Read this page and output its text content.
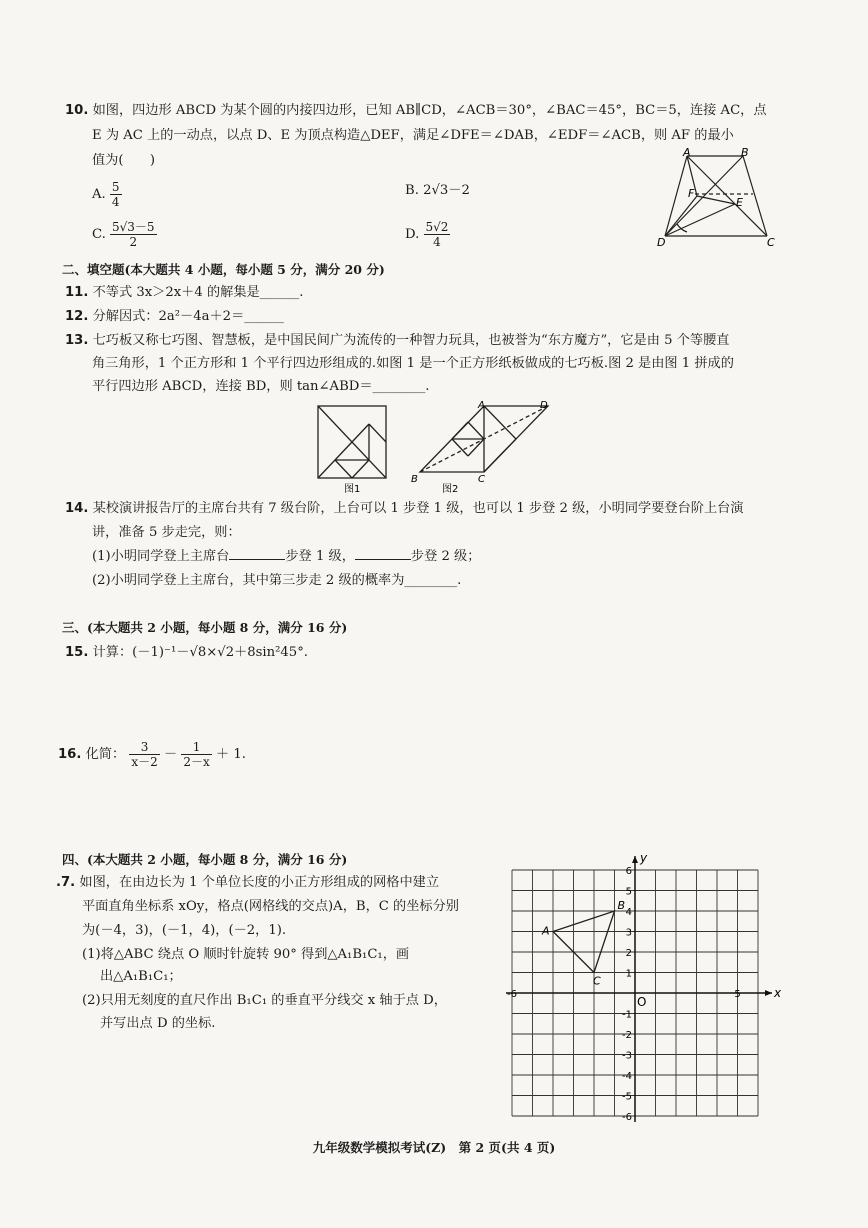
10. 如图，四边形 ABCD 为某个圆的内接四边形，已知 AB∥CD，∠ACB＝30°，∠BAC＝45°，BC＝5，连接 AC，点
E 为 AC 上的一动点，以点 D、E 为顶点构造△DEF，满足∠DFE＝∠DAB，∠EDF＝∠ACB，则 AF 的最小
值为(　　)
A. $\frac{5}{4}$	B. 2√3－2
C. $\frac{5√3-5}{2}$	D. $\frac{5√2}{4}$
A	B
C
D
E
F
二、填空题(本大题共 4 小题，每小题 5 分，满分 20 分)
11. 不等式 3x＞2x＋4 的解集是______.
12. 分解因式：2a²－4a＋2＝______
13. 七巧板又称七巧图、智慧板，是中国民间广为流传的一种智力玩具，也被誉为“东方魔方”，它是由 5 个等腰直
角三角形，1 个正方形和 1 个平行四边形组成的.如图 1 是一个正方形纸板做成的七巧板.图 2 是由图 1 拼成的
平行四边形 ABCD，连接 BD，则 tan∠ABD＝________.
图1
A	D
B	C
图2
14. 某校演讲报告厅的主席台共有 7 级台阶，上台可以 1 步登 1 级，也可以 1 步登 2 级，小明同学要登台阶上台演
讲，准备 5 步走完，则：
(1)小明同学登上主席台	步登 1 级，	步登 2 级；
(2)小明同学登上主席台，其中第三步走 2 级的概率为________.
三、(本大题共 2 小题，每小题 8 分，满分 16 分)
15. 计算：(－1)⁻¹－√8×√2＋8sin²45°.
16. 化简： $\frac{3}{x-2} - \frac{1}{2-x} + 1$.
四、(本大题共 2 小题，每小题 8 分，满分 16 分)
.7. 如图，在由边长为 1 个单位长度的小正方形组成的网格中建立
平面直角坐标系 xOy，格点(网格线的交点)A，B，C 的坐标分别
为(－4，3)，(－1，4)，(－2，1).
(1)将△ABC 绕点 O 顺时针旋转 90° 得到△A₁B₁C₁，画
出△A₁B₁C₁；
(2)只用无刻度的直尺作出 B₁C₁ 的垂直平分线交 x 轴于点 D，
并写出点 D 的坐标.
6
5
4
3
2
1
-1
-2
-3
-4
-5
-6
-6	5
A
B
C
x
y
O
九年级数学模拟考试(Z)　第 2 页(共 4 页)
